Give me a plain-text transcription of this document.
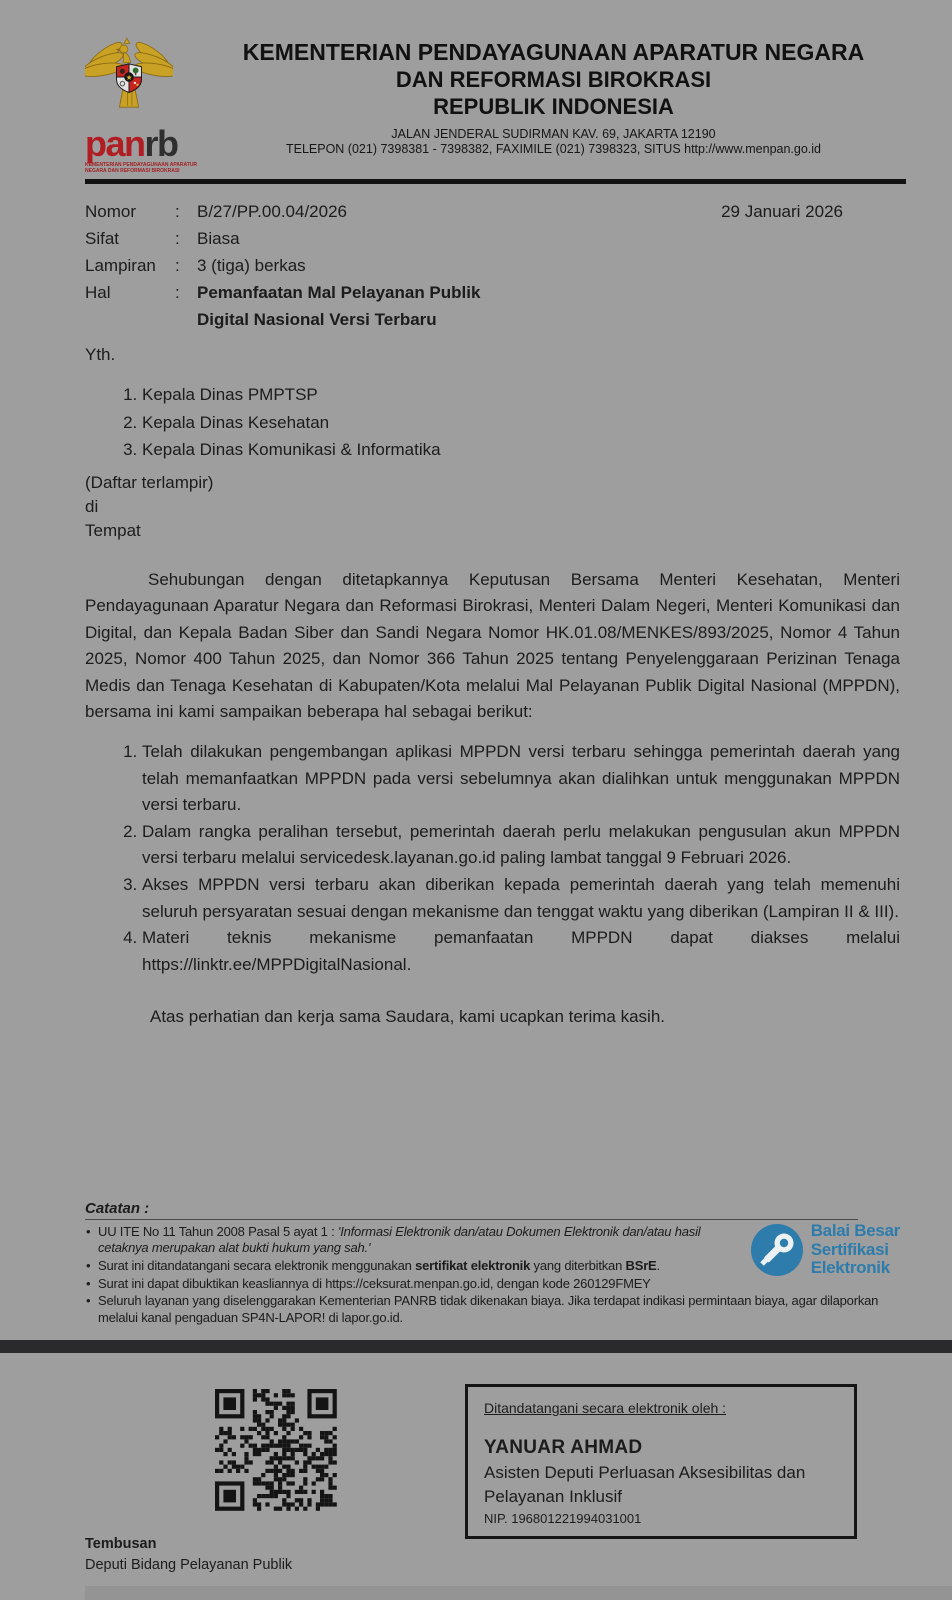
★
panrb
KEMENTERIAN PENDAYAGUNAAN APARATUR NEGARA DAN REFORMASI BIROKRASI
KEMENTERIAN PENDAYAGUNAAN APARATUR NEGARA
DAN REFORMASI BIROKRASI
REPUBLIK INDONESIA
JALAN JENDERAL SUDIRMAN KAV. 69, JAKARTA 12190
TELEPON (021) 7398381 - 7398382, FAXIMILE (021) 7398323, SITUS http://www.menpan.go.id
29 Januari 2026
Nomor	:	B/27/PP.00.04/2026
Sifat	:	Biasa
Lampiran	:	3 (tiga) berkas
Hal	:	Pemanfaatan Mal Pelayanan Publik
Digital Nasional Versi Terbaru
Yth.
1. Kepala Dinas PMPTSP
2. Kepala Dinas Kesehatan
3. Kepala Dinas Komunikasi & Informatika
(Daftar terlampir)
di
Tempat

Sehubungan dengan ditetapkannya Keputusan Bersama Menteri Kesehatan, Menteri Pendayagunaan Aparatur Negara dan Reformasi Birokrasi, Menteri Dalam Negeri, Menteri Komunikasi dan Digital, dan Kepala Badan Siber dan Sandi Negara Nomor HK.01.08/MENKES/893/2025, Nomor 4 Tahun 2025, Nomor 400 Tahun 2025, dan Nomor 366 Tahun 2025 tentang Penyelenggaraan Perizinan Tenaga Medis dan Tenaga Kesehatan di Kabupaten/Kota melalui Mal Pelayanan Publik Digital Nasional (MPPDN), bersama ini kami sampaikan beberapa hal sebagai berikut:

1. Telah dilakukan pengembangan aplikasi MPPDN versi terbaru sehingga pemerintah daerah yang telah memanfaatkan MPPDN pada versi sebelumnya akan dialihkan untuk menggunakan MPPDN versi terbaru.
2. Dalam rangka peralihan tersebut, pemerintah daerah perlu melakukan pengusulan akun MPPDN versi terbaru melalui servicedesk.layanan.go.id paling lambat tanggal 9 Februari 2026.
3. Akses MPPDN versi terbaru akan diberikan kepada pemerintah daerah yang telah memenuhi seluruh persyaratan sesuai dengan mekanisme dan tenggat waktu yang diberikan (Lampiran II & III).
4. Materi teknis mekanisme pemanfaatan MPPDN dapat diakses melalui https://linktr.ee/MPPDigitalNasional.

Atas perhatian dan kerja sama Saudara, kami ucapkan terima kasih.

Catatan :
• UU ITE No 11 Tahun 2008 Pasal 5 ayat 1 : 'Informasi Elektronik dan/atau Dokumen Elektronik dan/atau hasil cetaknya merupakan alat bukti hukum yang sah.'
• Surat ini ditandatangani secara elektronik menggunakan sertifikat elektronik yang diterbitkan BSrE.
• Surat ini dapat dibuktikan keasliannya di https://ceksurat.menpan.go.id, dengan kode 260129FMEY
• Seluruh layanan yang diselenggarakan Kementerian PANRB tidak dikenakan biaya. Jika terdapat indikasi permintaan biaya, agar dilaporkan melalui kanal pengaduan SP4N-LAPOR! di lapor.go.id.
Balai Besar
Sertifikasi
Elektronik
Ditandatangani secara elektronik oleh :
YANUAR AHMAD
Asisten Deputi Perluasan Aksesibilitas dan Pelayanan Inklusif
NIP. 196801221994031001
Tembusan
Deputi Bidang Pelayanan Publik
